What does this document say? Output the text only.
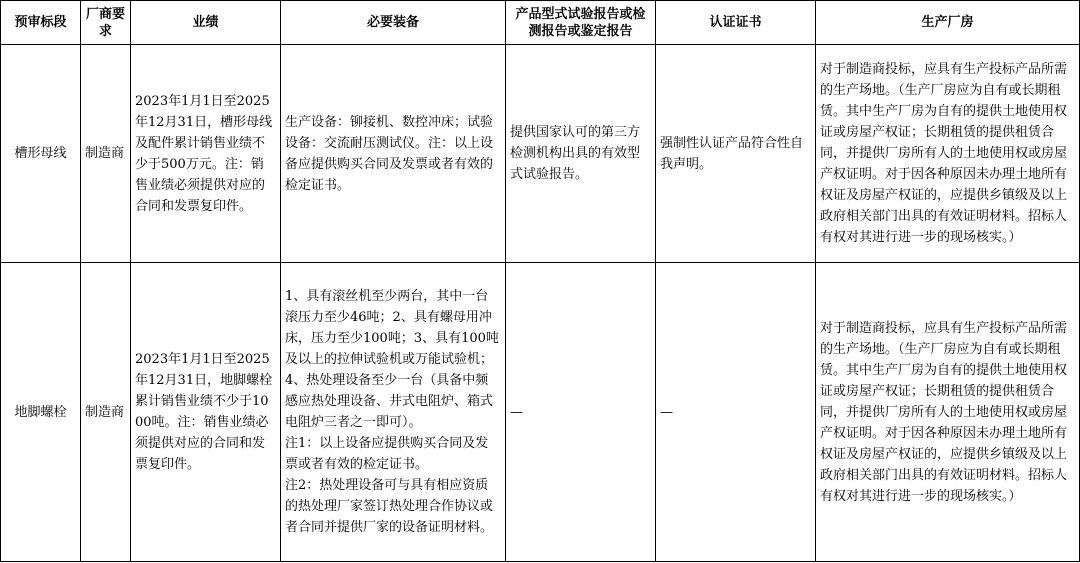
预审标段	厂商要求	业绩	必要装备	产品型式试验报告或检测报告或鉴定报告	认证证书	生产厂房
槽形母线	制造商	2023年1月1日至2025年12月31日，槽形母线及配件累计销售业绩不少于500万元。注：销售业绩必须提供对应的合同和发票复印件。	生产设备：铆接机、数控冲床；试验设备：交流耐压测试仪。注：以上设备应提供购买合同及发票或者有效的检定证书。	提供国家认可的第三方检测机构出具的有效型式试验报告。	强制性认证产品符合性自我声明。	对于制造商投标，应具有生产投标产品所需的生产场地。（生产厂房应为自有或长期租赁。其中生产厂房为自有的提供土地使用权证或房屋产权证；长期租赁的提供租赁合同，并提供厂房所有人的土地使用权或房屋产权证明。对于因各种原因未办理土地所有权证及房屋产权证的，应提供乡镇级及以上政府相关部门出具的有效证明材料。招标人有权对其进行进一步的现场核实。）
地脚螺栓	制造商	2023年1月1日至2025年12月31日，地脚螺栓累计销售业绩不少于1000吨。注：销售业绩必须提供对应的合同和发票复印件。	1、具有滚丝机至少两台，其中一台滚压力至少46吨；2、具有螺母用冲床，压力至少100吨；3、具有100吨及以上的拉伸试验机或万能试验机；4、热处理设备至少一台（具备中频感应热处理设备、井式电阻炉、箱式电阻炉三者之一即可）。
注1：以上设备应提供购买合同及发票或者有效的检定证书。
注2：热处理设备可与具有相应资质的热处理厂家签订热处理合作协议或者合同并提供厂家的设备证明材料。	—	—	对于制造商投标，应具有生产投标产品所需的生产场地。（生产厂房应为自有或长期租赁。其中生产厂房为自有的提供土地使用权证或房屋产权证；长期租赁的提供租赁合同，并提供厂房所有人的土地使用权或房屋产权证明。对于因各种原因未办理土地所有权证及房屋产权证的，应提供乡镇级及以上政府相关部门出具的有效证明材料。招标人有权对其进行进一步的现场核实。）
